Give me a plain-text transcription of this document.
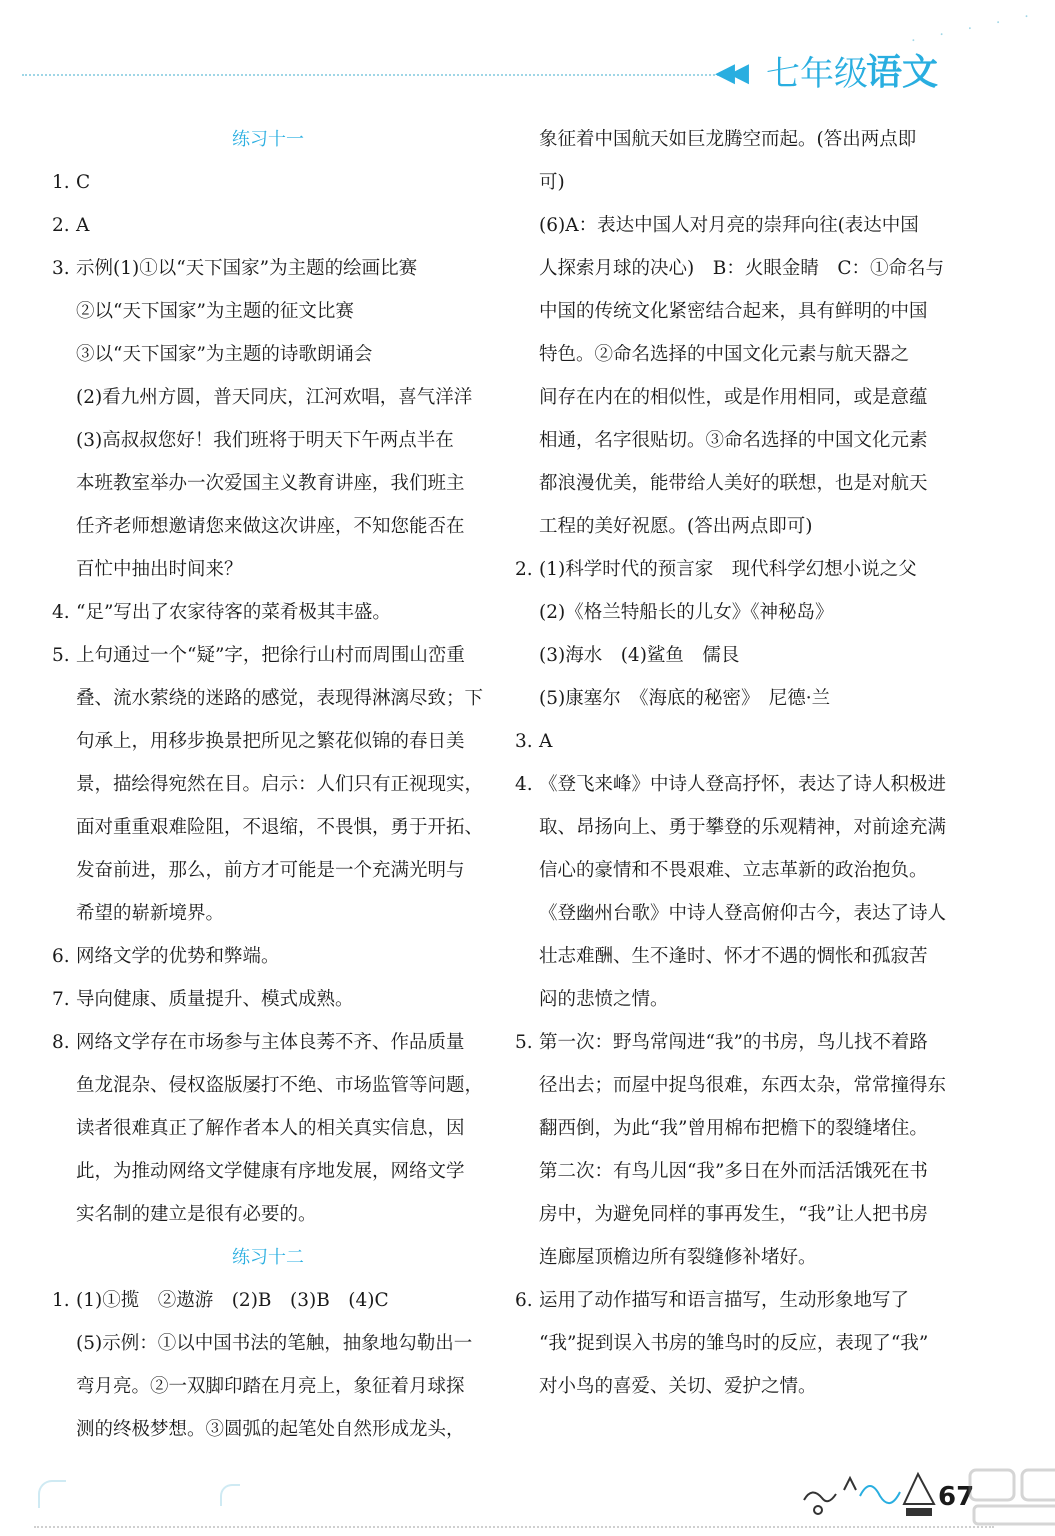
· · · · ·
◀◀ 七年级
语文
练习十一
1. C
2. A
3. 示例(1)①以“天下国家”为主题的绘画比赛
②以“天下国家”为主题的征文比赛
③以“天下国家”为主题的诗歌朗诵会
(2)看九州方圆，普天同庆，江河欢唱，喜气洋洋
(3)高叔叔您好！我们班将于明天下午两点半在
本班教室举办一次爱国主义教育讲座，我们班主
任齐老师想邀请您来做这次讲座，不知您能否在
百忙中抽出时间来？
4. “足”写出了农家待客的菜肴极其丰盛。
5. 上句通过一个“疑”字，把徐行山村而周围山峦重
叠、流水萦绕的迷路的感觉，表现得淋漓尽致；下
句承上，用移步换景把所见之繁花似锦的春日美
景，描绘得宛然在目。启示：人们只有正视现实，
面对重重艰难险阻，不退缩，不畏惧，勇于开拓、
发奋前进，那么，前方才可能是一个充满光明与
希望的崭新境界。
6. 网络文学的优势和弊端。
7. 导向健康、质量提升、模式成熟。
8. 网络文学存在市场参与主体良莠不齐、作品质量
鱼龙混杂、侵权盗版屡打不绝、市场监管等问题，
读者很难真正了解作者本人的相关真实信息，因
此，为推动网络文学健康有序地发展，网络文学
实名制的建立是很有必要的。
练习十二
1. (1)①揽　②遨游　(2)B　(3)B　(4)C
(5)示例：①以中国书法的笔触，抽象地勾勒出一
弯月亮。②一双脚印踏在月亮上，象征着月球探
测的终极梦想。③圆弧的起笔处自然形成龙头，
象征着中国航天如巨龙腾空而起。(答出两点即
可)
(6)A：表达中国人对月亮的崇拜向往(表达中国
人探索月球的决心)　B：火眼金睛　C：①命名与
中国的传统文化紧密结合起来，具有鲜明的中国
特色。②命名选择的中国文化元素与航天器之
间存在内在的相似性，或是作用相同，或是意蕴
相通，名字很贴切。③命名选择的中国文化元素
都浪漫优美，能带给人美好的联想，也是对航天
工程的美好祝愿。(答出两点即可)
2. (1)科学时代的预言家　现代科学幻想小说之父
(2)《格兰特船长的儿女》《神秘岛》
(3)海水　(4)鲨鱼　儒艮
(5)康塞尔　《海底的秘密》　尼德·兰
3. A
4. 《登飞来峰》中诗人登高抒怀，表达了诗人积极进
取、昂扬向上、勇于攀登的乐观精神，对前途充满
信心的豪情和不畏艰难、立志革新的政治抱负。
《登幽州台歌》中诗人登高俯仰古今，表达了诗人
壮志难酬、生不逢时、怀才不遇的惆怅和孤寂苦
闷的悲愤之情。
5. 第一次：野鸟常闯进“我”的书房，鸟儿找不着路
径出去；而屋中捉鸟很难，东西太杂，常常撞得东
翻西倒，为此“我”曾用棉布把檐下的裂缝堵住。
第二次：有鸟儿因“我”多日在外而活活饿死在书
房中，为避免同样的事再发生，“我”让人把书房
连廊屋顶檐边所有裂缝修补堵好。
6. 运用了动作描写和语言描写，生动形象地写了
“我”捉到误入书房的雏鸟时的反应，表现了“我”
对小鸟的喜爱、关切、爱护之情。
67
